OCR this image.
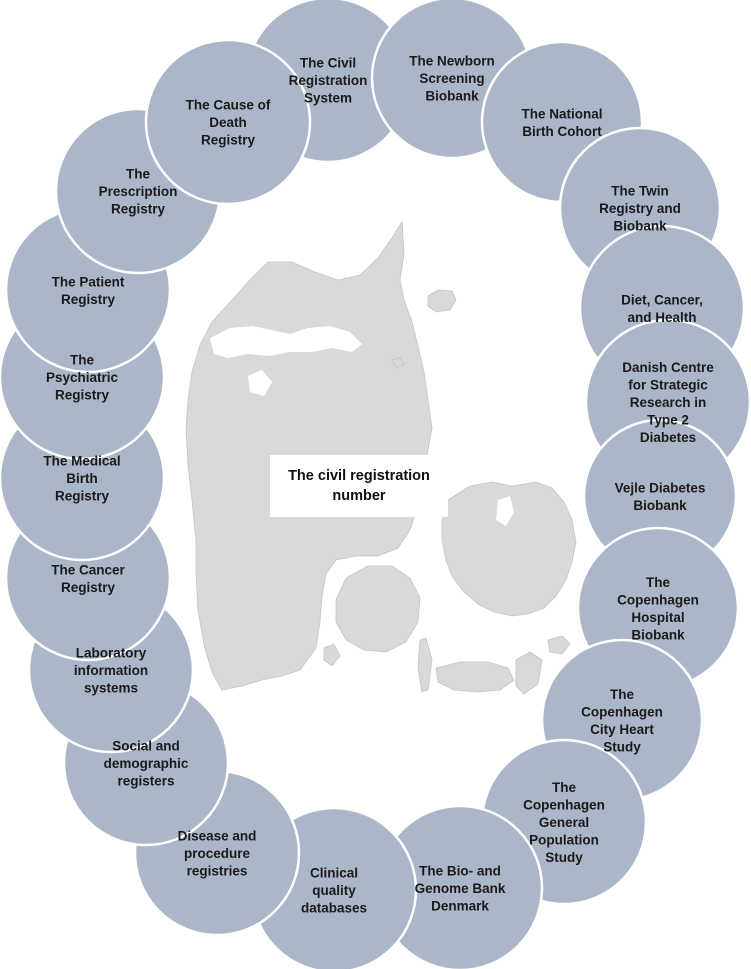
The Civil Registration System
The Newborn Screening Biobank
The National Birth Cohort
The Twin Registry and Biobank
Diet, Cancer, and Health
Danish Centre for Strategic Research in Type 2 Diabetes
Vejle Diabetes Biobank
The Copenhagen Hospital Biobank
The Copenhagen City Heart Study
The Copenhagen General Population Study
The Bio- and Genome Bank Denmark
Clinical quality databases
Disease and procedure registries
Social and demographic registers
Laboratory information systems
The Cancer Registry
The Medical Birth Registry
The Psychiatric Registry
The Patient Registry
The Prescription Registry
The Cause of Death Registry
The civil registration number
